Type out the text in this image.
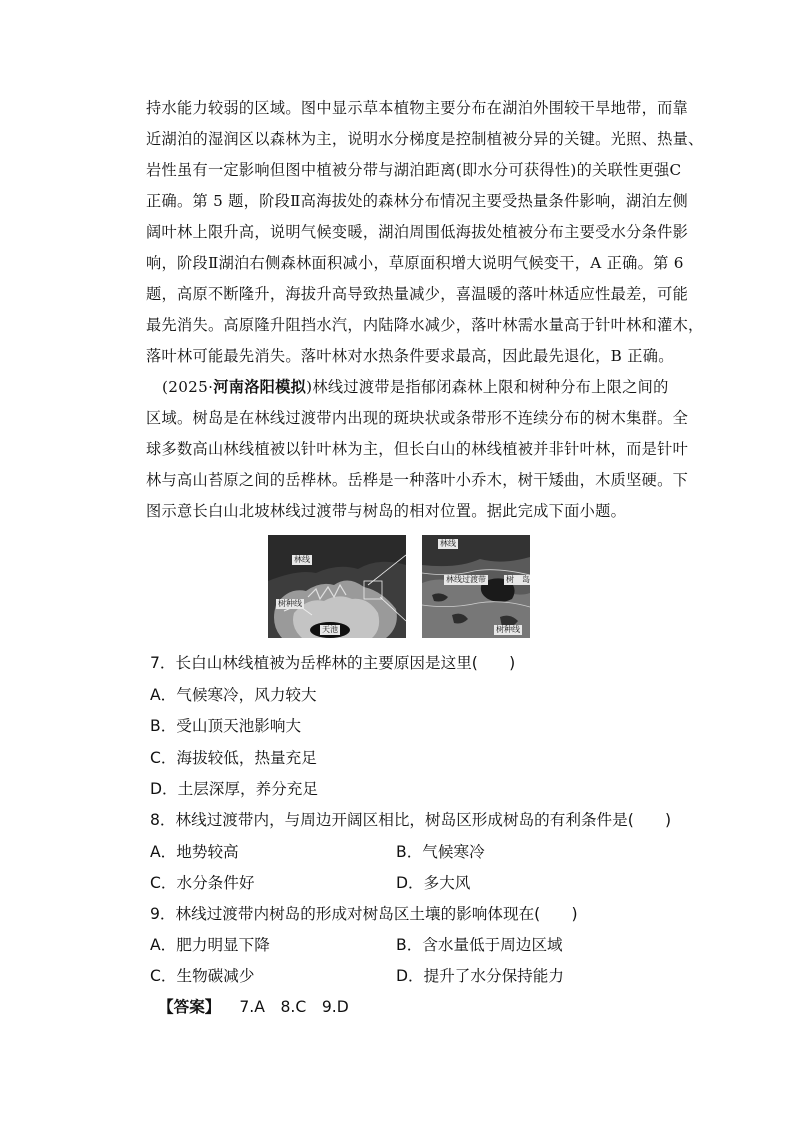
持水能力较弱的区域。图中显示草本植物主要分布在湖泊外围较干旱地带，而靠
近湖泊的湿润区以森林为主，说明水分梯度是控制植被分异的关键。光照、热量、
岩性虽有一定影响但图中植被分带与湖泊距离(即水分可获得性)的关联性更强C
正确。第 5 题，阶段Ⅱ高海拔处的森林分布情况主要受热量条件影响，湖泊左侧
阔叶林上限升高，说明气候变暖，湖泊周围低海拔处植被分布主要受水分条件影
响，阶段Ⅱ湖泊右侧森林面积减小，草原面积增大说明气候变干，A 正确。第 6
题，高原不断隆升，海拔升高导致热量减少，喜温暖的落叶林适应性最差，可能
最先消失。高原隆升阻挡水汽，内陆降水减少，落叶林需水量高于针叶林和灌木，
落叶林可能最先消失。落叶林对水热条件要求最高，因此最先退化，B 正确。
(2025·河南洛阳模拟)林线过渡带是指郁闭森林上限和树种分布上限之间的
区域。树岛是在林线过渡带内出现的斑块状或条带形不连续分布的树木集群。全
球多数高山林线植被以针叶林为主，但长白山的林线植被并非针叶林，而是针叶
林与高山苔原之间的岳桦林。岳桦是一种落叶小乔木，树干矮曲，木质坚硬。下
图示意长白山北坡林线过渡带与树岛的相对位置。据此完成下面小题。
林线
树种线
天池
林线
林线过渡带	树　岛
树种线
7．长白山林线植被为岳桦林的主要原因是这里(　　)
A．气候寒冷，风力较大
B．受山顶天池影响大
C．海拔较低，热量充足
D．土层深厚，养分充足
8．林线过渡带内，与周边开阔区相比，树岛区形成树岛的有利条件是(　　)
A．地势较高	B．气候寒冷
C．水分条件好	D．多大风
9．林线过渡带内树岛的形成对树岛区土壤的影响体现在(　　)
A．肥力明显下降	B．含水量低于周边区域
C．生物碳减少	D．提升了水分保持能力
【答案】 7.A　8.C　9.D
